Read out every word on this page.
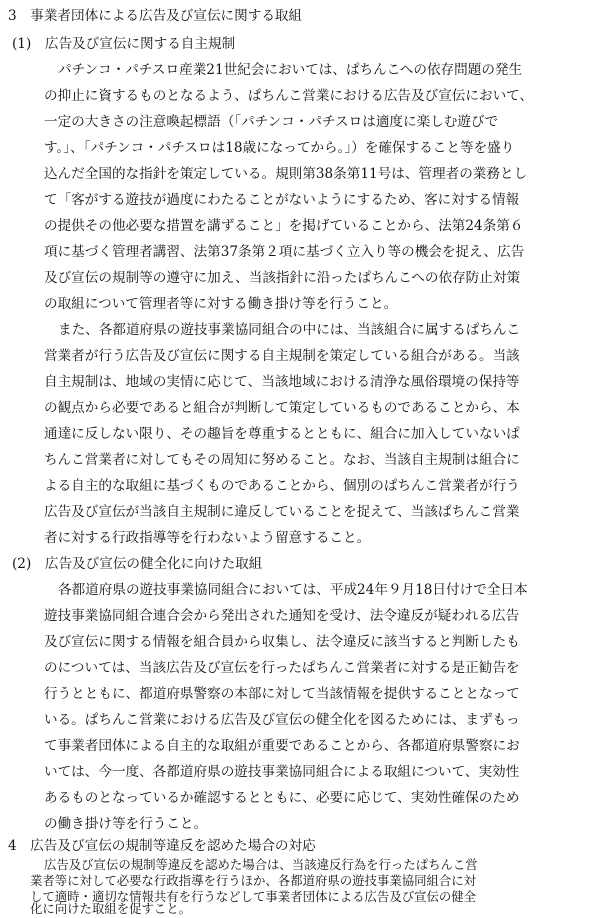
3　事業者団体による広告及び宣伝に関する取組
(1)　広告及び宣伝に関する自主規制
パチンコ・パチスロ産業21世紀会においては、ぱちんこへの依存問題の発生
の抑止に資するものとなるよう、ぱちんこ営業における広告及び宣伝において、
一定の大きさの注意喚起標語（「パチンコ・パチスロは適度に楽しむ遊びで
す。」、「パチンコ・パチスロは18歳になってから。」）を確保すること等を盛り
込んだ全国的な指針を策定している。規則第38条第11号は、管理者の業務とし
て「客がする遊技が過度にわたることがないようにするため、客に対する情報
の提供その他必要な措置を講ずること」を掲げていることから、法第24条第６
項に基づく管理者講習、法第37条第２項に基づく立入り等の機会を捉え、広告
及び宣伝の規制等の遵守に加え、当該指針に沿ったぱちんこへの依存防止対策
の取組について管理者等に対する働き掛け等を行うこと。
また、各都道府県の遊技事業協同組合の中には、当該組合に属するぱちんこ
営業者が行う広告及び宣伝に関する自主規制を策定している組合がある。当該
自主規制は、地域の実情に応じて、当該地域における清浄な風俗環境の保持等
の観点から必要であると組合が判断して策定しているものであることから、本
通達に反しない限り、その趣旨を尊重するとともに、組合に加入していないぱ
ちんこ営業者に対してもその周知に努めること。なお、当該自主規制は組合に
よる自主的な取組に基づくものであることから、個別のぱちんこ営業者が行う
広告及び宣伝が当該自主規制に違反していることを捉えて、当該ぱちんこ営業
者に対する行政指導等を行わないよう留意すること。
(2)　広告及び宣伝の健全化に向けた取組
各都道府県の遊技事業協同組合においては、平成24年９月18日付けで全日本
遊技事業協同組合連合会から発出された通知を受け、法令違反が疑われる広告
及び宣伝に関する情報を組合員から収集し、法令違反に該当すると判断したも
のについては、当該広告及び宣伝を行ったぱちんこ営業者に対する是正勧告を
行うとともに、都道府県警察の本部に対して当該情報を提供することとなって
いる。ぱちんこ営業における広告及び宣伝の健全化を図るためには、まずもっ
て事業者団体による自主的な取組が重要であることから、各都道府県警察にお
いては、今一度、各都道府県の遊技事業協同組合による取組について、実効性
あるものとなっているか確認するとともに、必要に応じて、実効性確保のため
の働き掛け等を行うこと。
4　広告及び宣伝の規制等違反を認めた場合の対応
広告及び宣伝の規制等違反を認めた場合は、当該違反行為を行ったぱちんこ営
業者等に対して必要な行政指導を行うほか、各都道府県の遊技事業協同組合に対
して適時・適切な情報共有を行うなどして事業者団体による広告及び宣伝の健全
化に向けた取組を促すこと。
